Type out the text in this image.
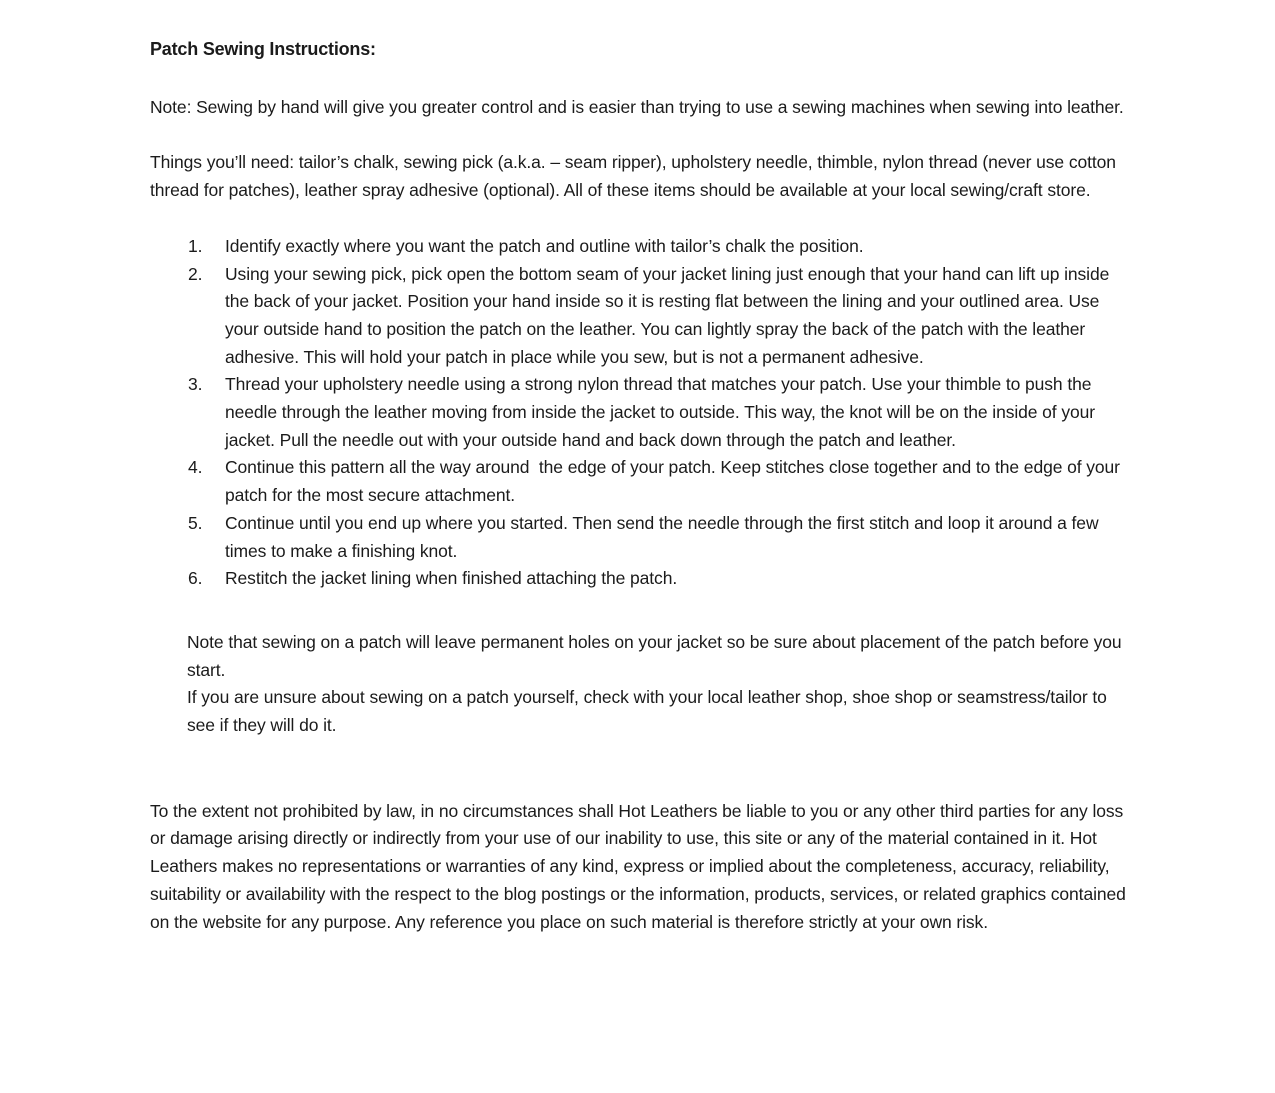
Patch Sewing Instructions:
Note: Sewing by hand will give you greater control and is easier than trying to use a sewing machines when sewing into leather.
Things you’ll need: tailor’s chalk, sewing pick (a.k.a. – seam ripper), upholstery needle, thimble, nylon thread (never use cotton thread for patches), leather spray adhesive (optional). All of these items should be available at your local sewing/craft store.
Identify exactly where you want the patch and outline with tailor’s chalk the position.
Using your sewing pick, pick open the bottom seam of your jacket lining just enough that your hand can lift up inside the back of your jacket. Position your hand inside so it is resting flat between the lining and your outlined area. Use your outside hand to position the patch on the leather. You can lightly spray the back of the patch with the leather adhesive. This will hold your patch in place while you sew, but is not a permanent adhesive.
Thread your upholstery needle using a strong nylon thread that matches your patch. Use your thimble to push the needle through the leather moving from inside the jacket to outside. This way, the knot will be on the inside of your jacket. Pull the needle out with your outside hand and back down through the patch and leather.
Continue this pattern all the way around  the edge of your patch. Keep stitches close together and to the edge of your patch for the most secure attachment.
Continue until you end up where you started. Then send the needle through the first stitch and loop it around a few times to make a finishing knot.
Restitch the jacket lining when finished attaching the patch.
Note that sewing on a patch will leave permanent holes on your jacket so be sure about placement of the patch before you start.
If you are unsure about sewing on a patch yourself, check with your local leather shop, shoe shop or seamstress/tailor to see if they will do it.
To the extent not prohibited by law, in no circumstances shall Hot Leathers be liable to you or any other third parties for any loss or damage arising directly or indirectly from your use of our inability to use, this site or any of the material contained in it. Hot Leathers makes no representations or warranties of any kind, express or implied about the completeness, accuracy, reliability, suitability or availability with the respect to the blog postings or the information, products, services, or related graphics contained on the website for any purpose. Any reference you place on such material is therefore strictly at your own risk.
